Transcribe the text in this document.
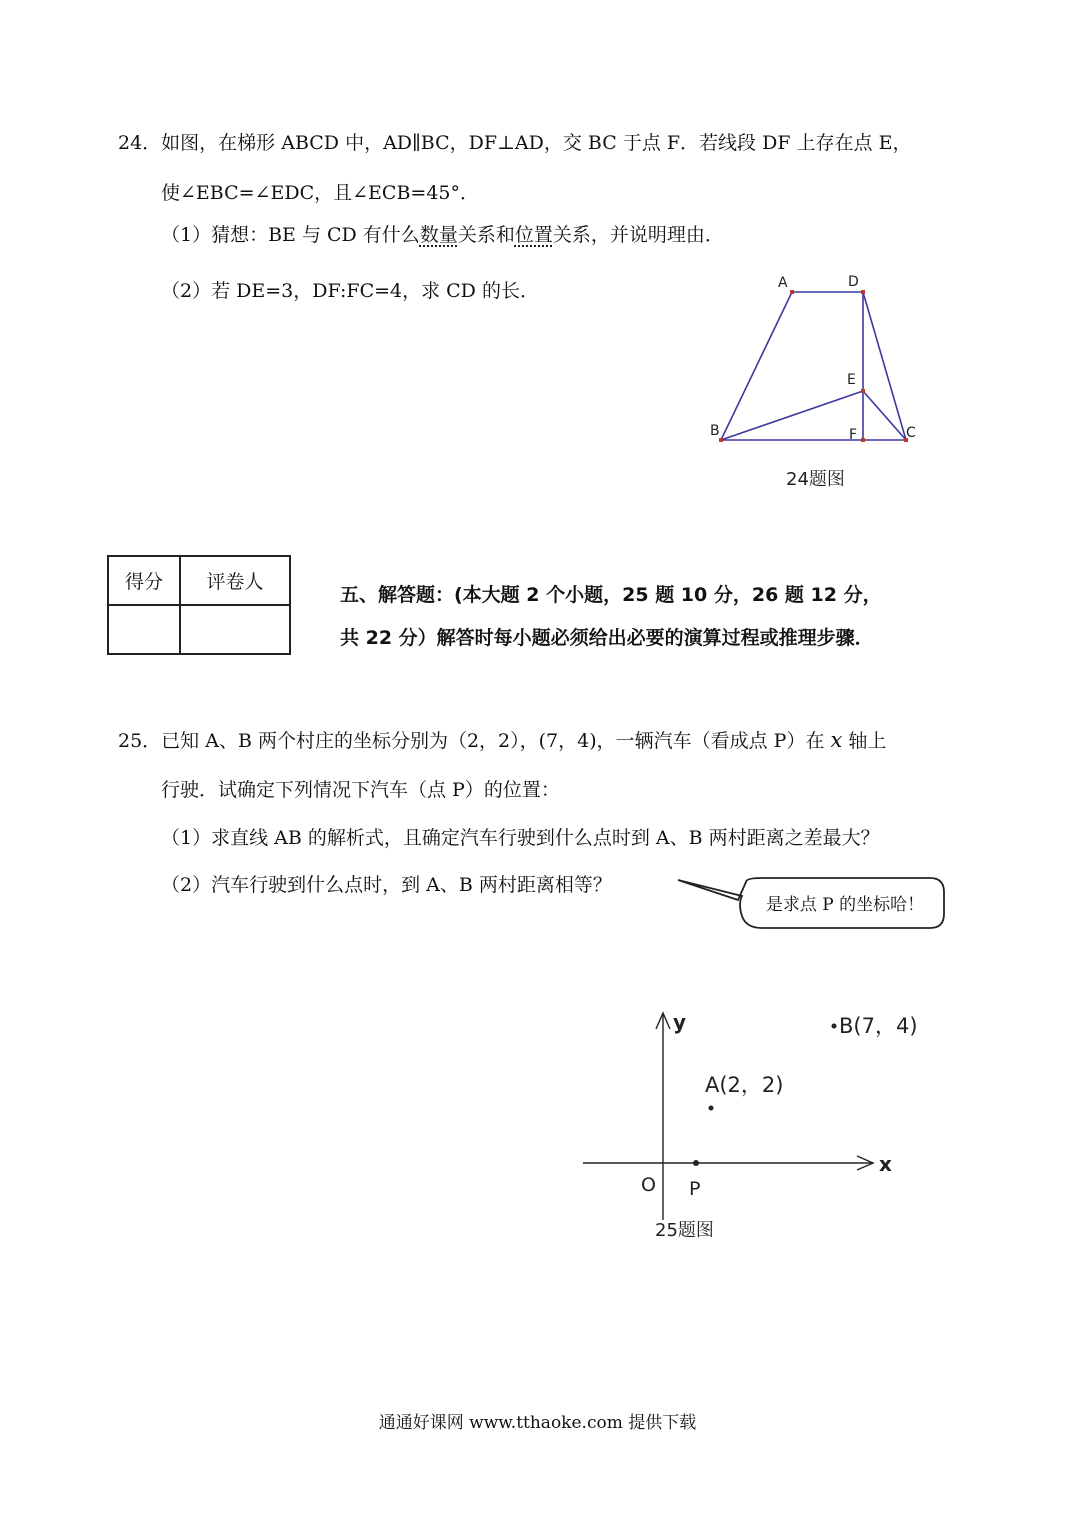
24．如图，在梯形 ABCD 中，AD∥BC，DF⊥AD，交 BC 于点 F．若线段 DF 上存在点 E，
使∠EBC=∠EDC，且∠ECB=45°．
（1）猜想：BE 与 CD 有什么数量关系和位置关系，并说明理由．
（2）若 DE=3，DF:FC=4，求 CD 的长．	A	D
E
B	F	C
24题图
得分	评卷人

五、解答题：(本大题 2 个小题，25 题 10 分，26 题 12 分，
共 22 分）解答时每小题必须给出必要的演算过程或推理步骤．
25．已知 A、B 两个村庄的坐标分别为（2，2），(7，4)，一辆汽车（看成点 P）在 x 轴上
行驶．试确定下列情况下汽车（点 P）的位置：
（1）求直线 AB 的解析式，且确定汽车行驶到什么点时到 A、B 两村距离之差最大？
（2）汽车行驶到什么点时，到 A、B 两村距离相等？
是求点 P 的坐标哈！
y
x
O P
A(2，2)
B(7，4)
25题图
通通好课网 www.tthaoke.com 提供下载
